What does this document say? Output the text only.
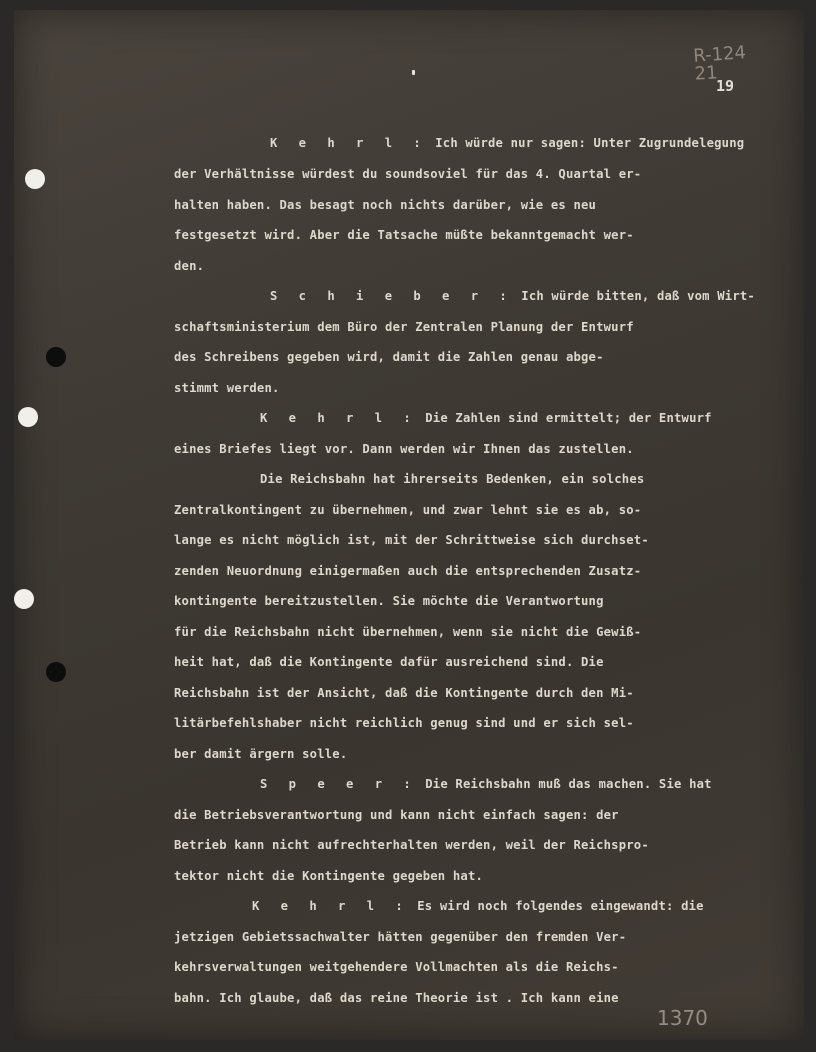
R-124
21
19
K e h r l : Ich würde nur sagen: Unter Zugrundelegung
der Verhältnisse würdest du soundsoviel für das 4. Quartal er-
halten haben. Das besagt noch nichts darüber, wie es neu
festgesetzt wird. Aber die Tatsache müßte bekanntgemacht wer-
den.
S c h i e b e r : Ich würde bitten, daß vom Wirt-
schaftsministerium dem Büro der Zentralen Planung der Entwurf
des Schreibens gegeben wird, damit die Zahlen genau abge-
stimmt werden.
K e h r l : Die Zahlen sind ermittelt; der Entwurf
eines Briefes liegt vor. Dann werden wir Ihnen das zustellen.
Die Reichsbahn hat ihrerseits Bedenken, ein solches
Zentralkontingent zu übernehmen, und zwar lehnt sie es ab, so-
lange es nicht möglich ist, mit der Schrittweise sich durchset-
zenden Neuordnung einigermaßen auch die entsprechenden Zusatz-
kontingente bereitzustellen. Sie möchte die Verantwortung
für die Reichsbahn nicht übernehmen, wenn sie nicht die Gewiß-
heit hat, daß die Kontingente dafür ausreichend sind. Die
Reichsbahn ist der Ansicht, daß die Kontingente durch den Mi-
litärbefehlshaber nicht reichlich genug sind und er sich sel-
ber damit ärgern solle.
S p e e r : Die Reichsbahn muß das machen. Sie hat
die Betriebsverantwortung und kann nicht einfach sagen: der
Betrieb kann nicht aufrechterhalten werden, weil der Reichspro-
tektor nicht die Kontingente gegeben hat.
K e h r l : Es wird noch folgendes eingewandt: die
jetzigen Gebietssachwalter hätten gegenüber den fremden Ver-
kehrsverwaltungen weitgehendere Vollmachten als die Reichs-
bahn. Ich glaube, daß das reine Theorie ist . Ich kann eine
1370
